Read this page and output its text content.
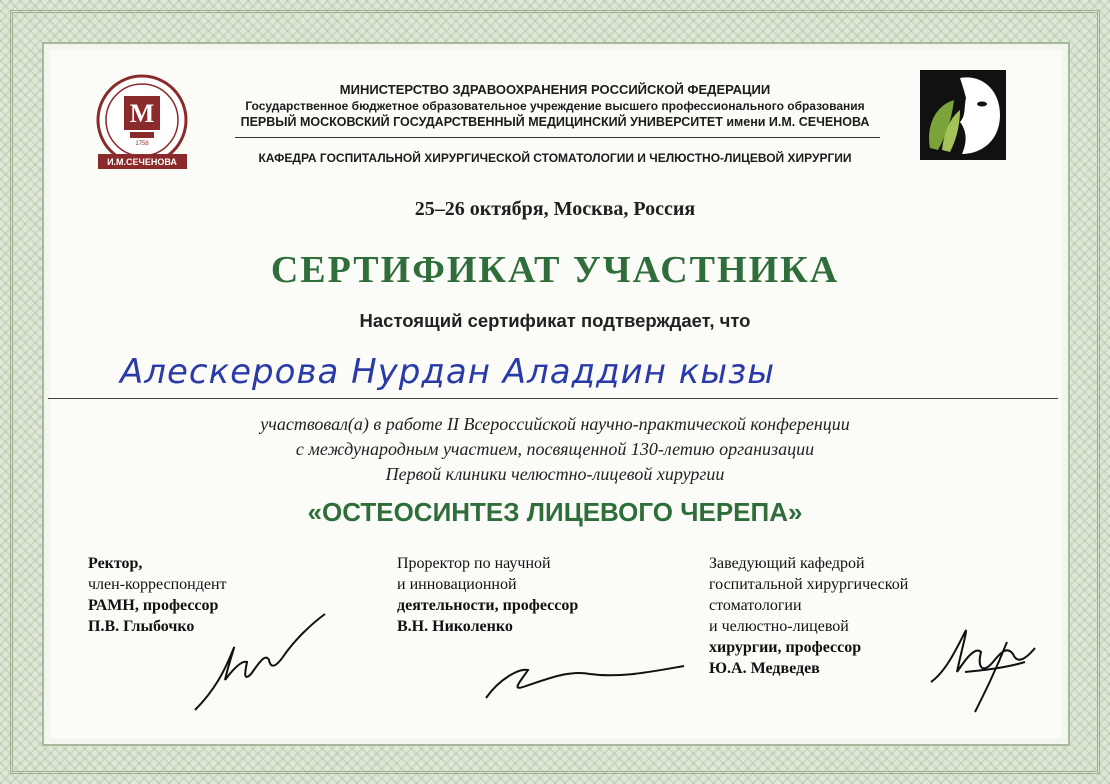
М
1758
И.М.СЕЧЕНОВА
МИНИСТЕРСТВО ЗДРАВООХРАНЕНИЯ РОССИЙСКОЙ ФЕДЕРАЦИИ
Государственное бюджетное образовательное учреждение высшего профессионального образования
ПЕРВЫЙ МОСКОВСКИЙ ГОСУДАРСТВЕННЫЙ МЕДИЦИНСКИЙ УНИВЕРСИТЕТ имени И.М. СЕЧЕНОВА
КАФЕДРА ГОСПИТАЛЬНОЙ ХИРУРГИЧЕСКОЙ СТОМАТОЛОГИИ И ЧЕЛЮСТНО-ЛИЦЕВОЙ ХИРУРГИИ
25–26 октября, Москва, Россия
СЕРТИФИКАТ УЧАСТНИКА
Настоящий сертификат подтверждает, что
Алескерова Нурдан Аладдин кызы
участвовал(а) в работе II Всероссийской научно-практической конференции
с международным участием, посвященной 130-летию организации
Первой клиники челюстно-лицевой хирургии
«ОСТЕОСИНТЕЗ ЛИЦЕВОГО ЧЕРЕПА»
Ректор,
член-корреспондент
РАМН, профессор
П.В. Глыбочко
Проректор по научной
и инновационной
деятельности, профессор
В.Н. Николенко
Заведующий кафедрой
госпитальной хирургической
стоматологии
и челюстно-лицевой
хирургии, профессор
Ю.А. Медведев
